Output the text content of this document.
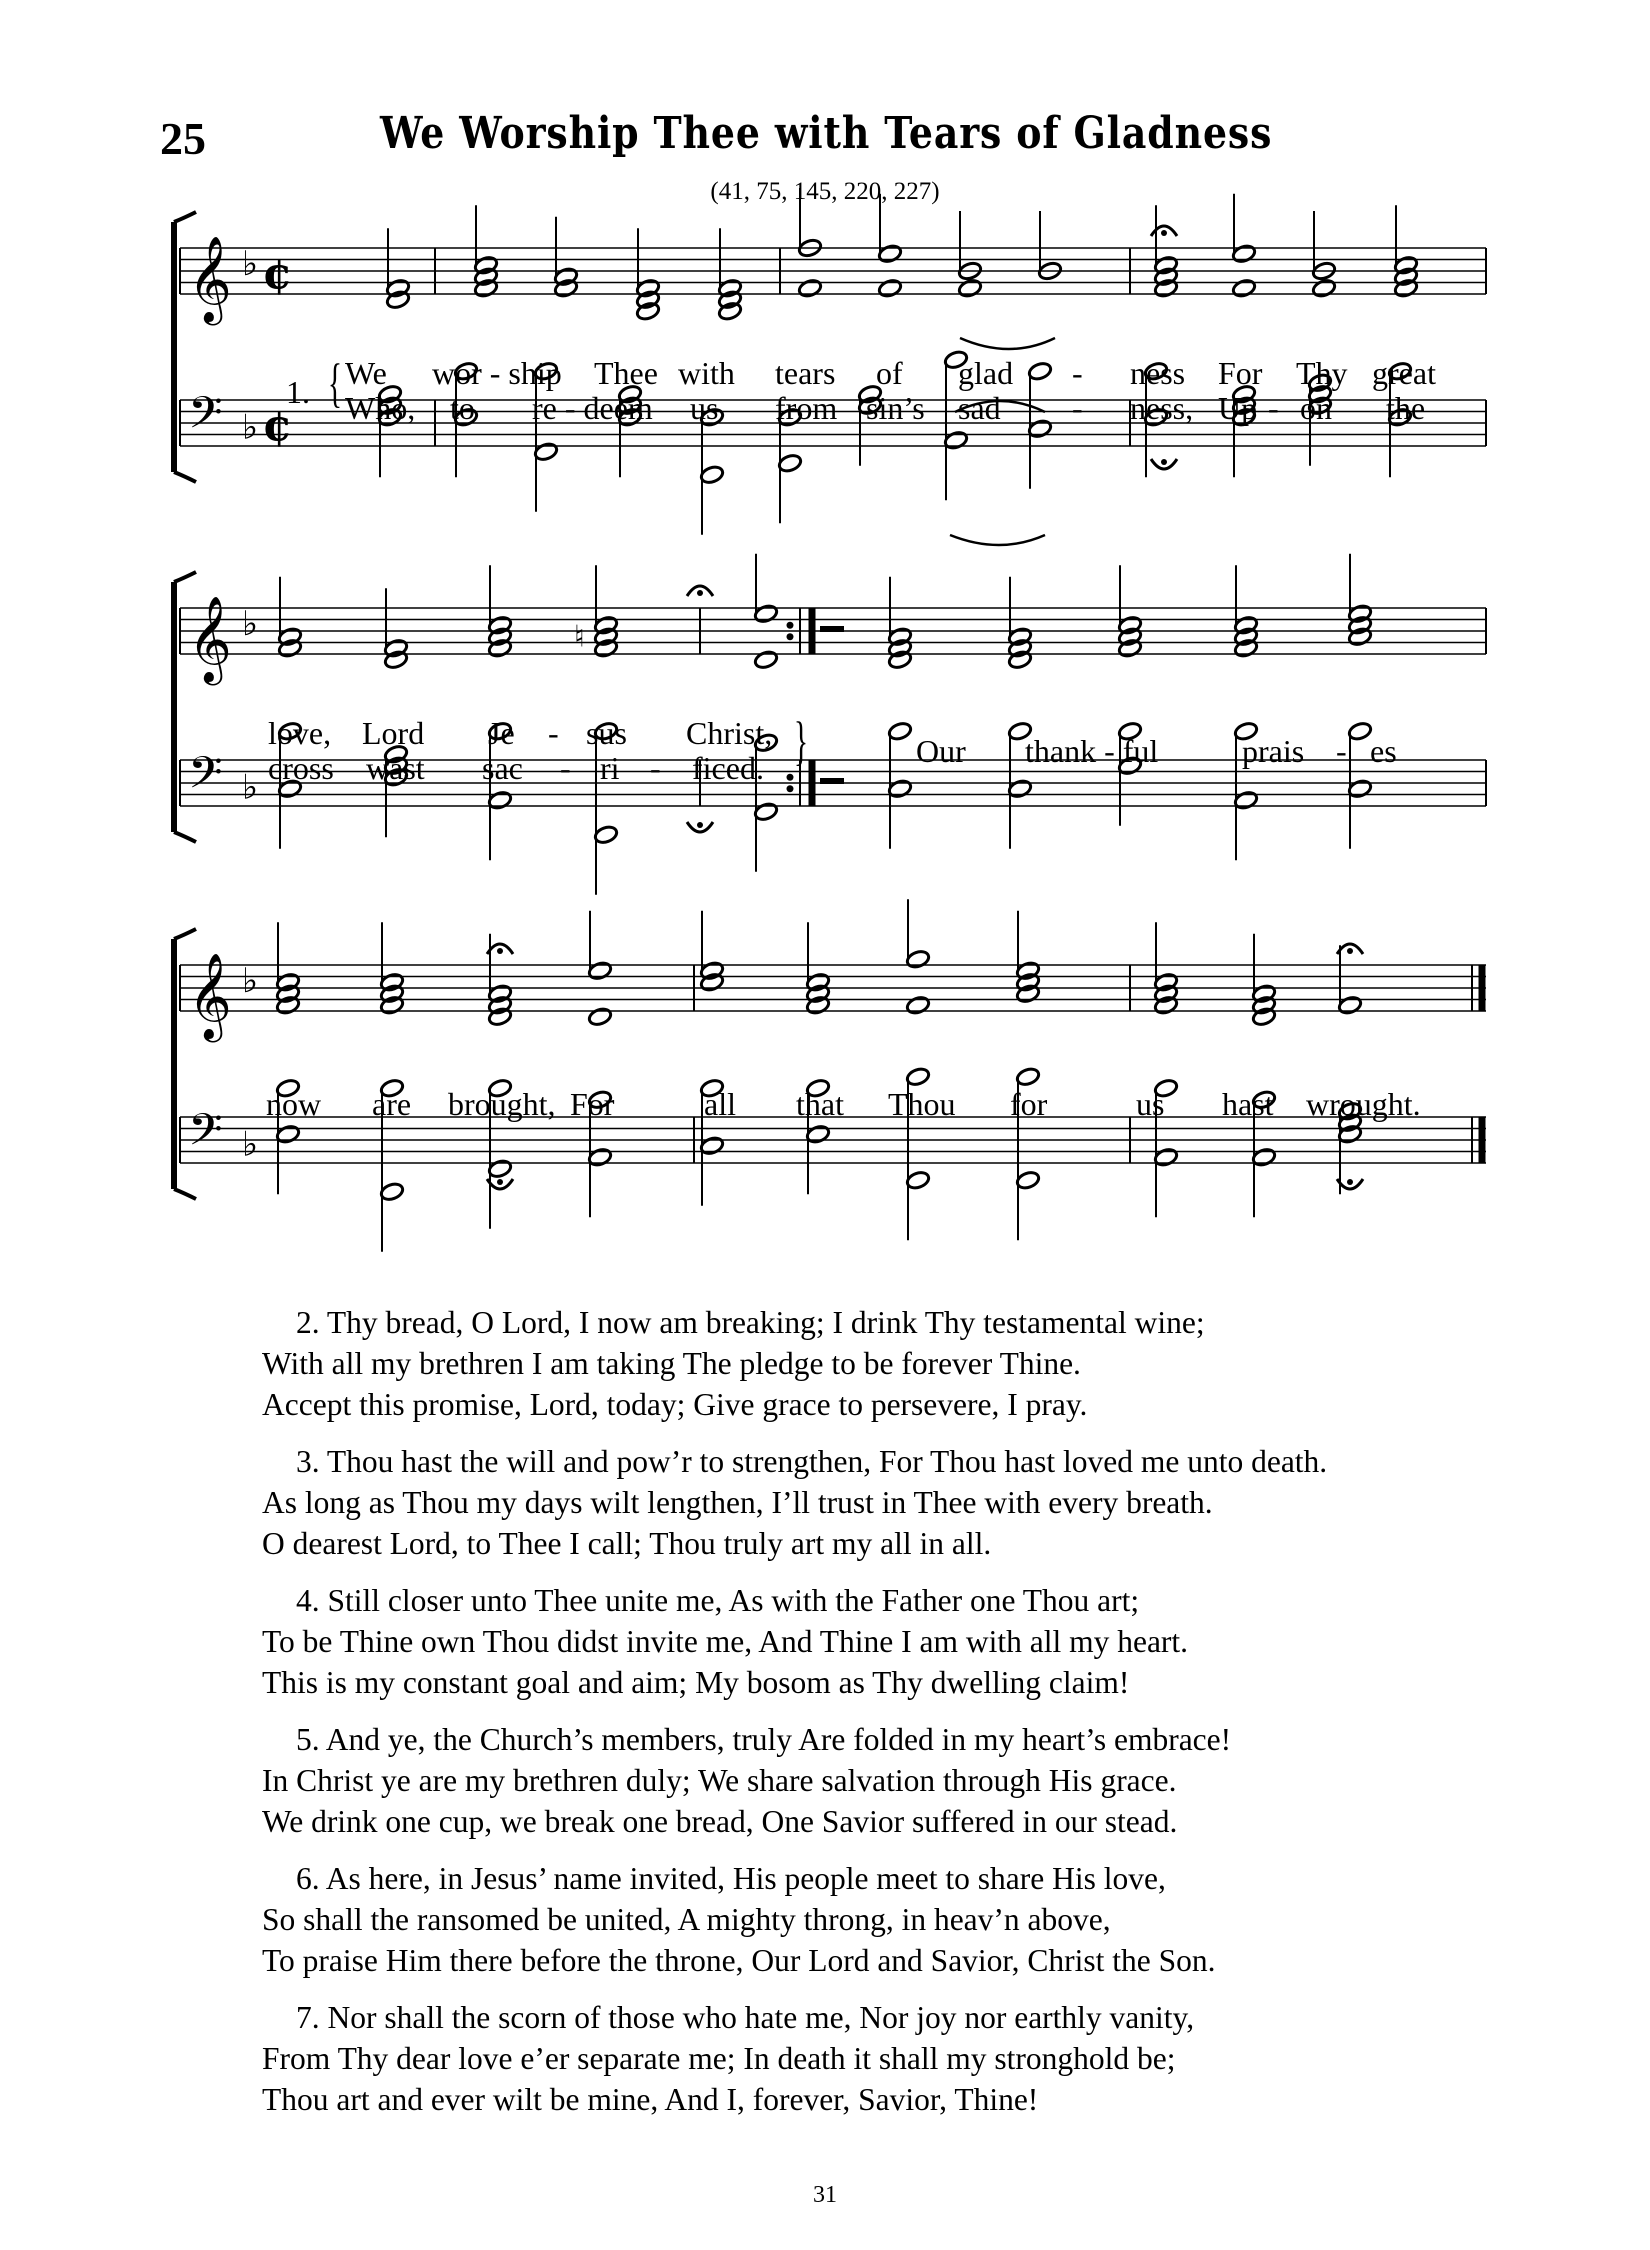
25	We Worship Thee with Tears of Gladness
(41, 75, 145, 220, 227)
𝄞 ♭ ¢
𝄢 ♭ ¢
𝄞 ♭
𝄢 ♭
𝄞 ♭
𝄢 ♭
♮
1. { We wor - ship Thee with tears of glad - ness For Thy great
Who, to re - deem us from sin’s sad - ness, Up - on the
love, Lord Je - sus Christ,
cross wast sac - ri - ficed. }	Our thank - ful	prais - es
now are brought, For	all that Thou for	us hast wrought.
2. Thy bread, O Lord, I now am breaking; I drink Thy testamental wine;
With all my brethren I am taking The pledge to be forever Thine.
Accept this promise, Lord, today; Give grace to persevere, I pray.
3. Thou hast the will and pow’r to strengthen, For Thou hast loved me unto death.
As long as Thou my days wilt lengthen, I’ll trust in Thee with every breath.
O dearest Lord, to Thee I call; Thou truly art my all in all.
4. Still closer unto Thee unite me, As with the Father one Thou art;
To be Thine own Thou didst invite me, And Thine I am with all my heart.
This is my constant goal and aim; My bosom as Thy dwelling claim!
5. And ye, the Church’s members, truly Are folded in my heart’s embrace!
In Christ ye are my brethren duly; We share salvation through His grace.
We drink one cup, we break one bread, One Savior suffered in our stead.
6. As here, in Jesus’ name invited, His people meet to share His love,
So shall the ransomed be united, A mighty throng, in heav’n above,
To praise Him there before the throne, Our Lord and Savior, Christ the Son.
7. Nor shall the scorn of those who hate me, Nor joy nor earthly vanity,
From Thy dear love e’er separate me; In death it shall my stronghold be;
Thou art and ever wilt be mine, And I, forever, Savior, Thine!
31
